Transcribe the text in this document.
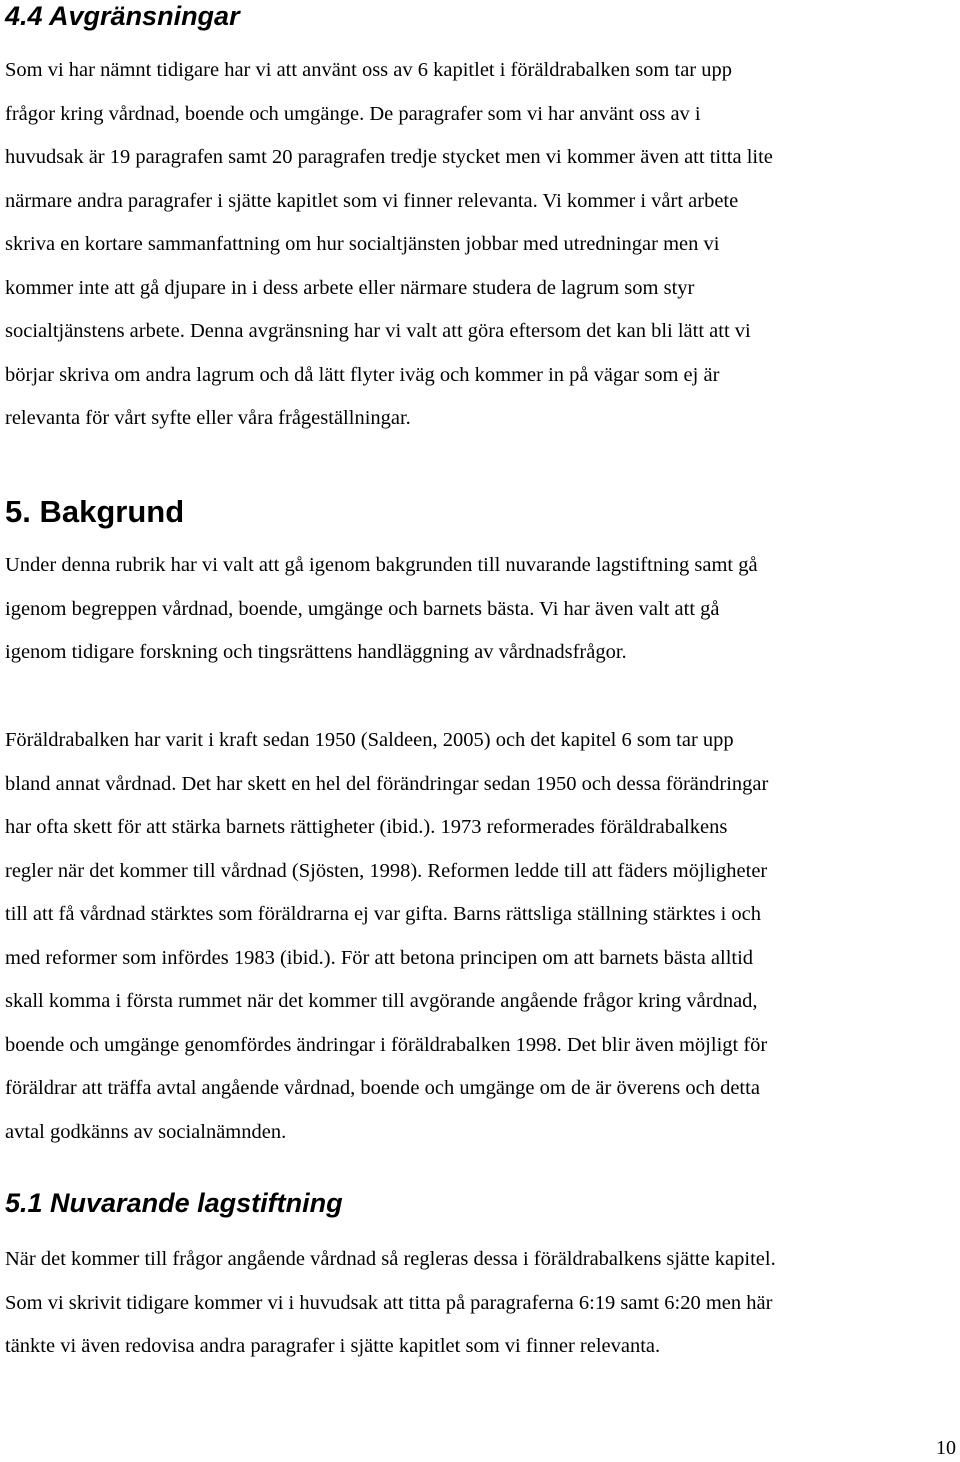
4.4 Avgränsningar

Som vi har nämnt tidigare har vi att använt oss av 6 kapitlet i föräldrabalken som tar upp
frågor kring vårdnad, boende och umgänge. De paragrafer som vi har använt oss av i
huvudsak är 19 paragrafen samt 20 paragrafen tredje stycket men vi kommer även att titta lite
närmare andra paragrafer i sjätte kapitlet som vi finner relevanta. Vi kommer i vårt arbete
skriva en kortare sammanfattning om hur socialtjänsten jobbar med utredningar men vi
kommer inte att gå djupare in i dess arbete eller närmare studera de lagrum som styr
socialtjänstens arbete. Denna avgränsning har vi valt att göra eftersom det kan bli lätt att vi
börjar skriva om andra lagrum och då lätt flyter iväg och kommer in på vägar som ej är
relevanta för vårt syfte eller våra frågeställningar.

5. Bakgrund

Under denna rubrik har vi valt att gå igenom bakgrunden till nuvarande lagstiftning samt gå
igenom begreppen vårdnad, boende, umgänge och barnets bästa. Vi har även valt att gå
igenom tidigare forskning och tingsrättens handläggning av vårdnadsfrågor.

Föräldrabalken har varit i kraft sedan 1950 (Saldeen, 2005) och det kapitel 6 som tar upp
bland annat vårdnad. Det har skett en hel del förändringar sedan 1950 och dessa förändringar
har ofta skett för att stärka barnets rättigheter (ibid.). 1973 reformerades föräldrabalkens
regler när det kommer till vårdnad (Sjösten, 1998). Reformen ledde till att fäders möjligheter
till att få vårdnad stärktes som föräldrarna ej var gifta. Barns rättsliga ställning stärktes i och
med reformer som infördes 1983 (ibid.). För att betona principen om att barnets bästa alltid
skall komma i första rummet när det kommer till avgörande angående frågor kring vårdnad,
boende och umgänge genomfördes ändringar i föräldrabalken 1998. Det blir även möjligt för
föräldrar att träffa avtal angående vårdnad, boende och umgänge om de är överens och detta
avtal godkänns av socialnämnden.

5.1 Nuvarande lagstiftning

När det kommer till frågor angående vårdnad så regleras dessa i föräldrabalkens sjätte kapitel.
Som vi skrivit tidigare kommer vi i huvudsak att titta på paragraferna 6:19 samt 6:20 men här
tänkte vi även redovisa andra paragrafer i sjätte kapitlet som vi finner relevanta.

10
